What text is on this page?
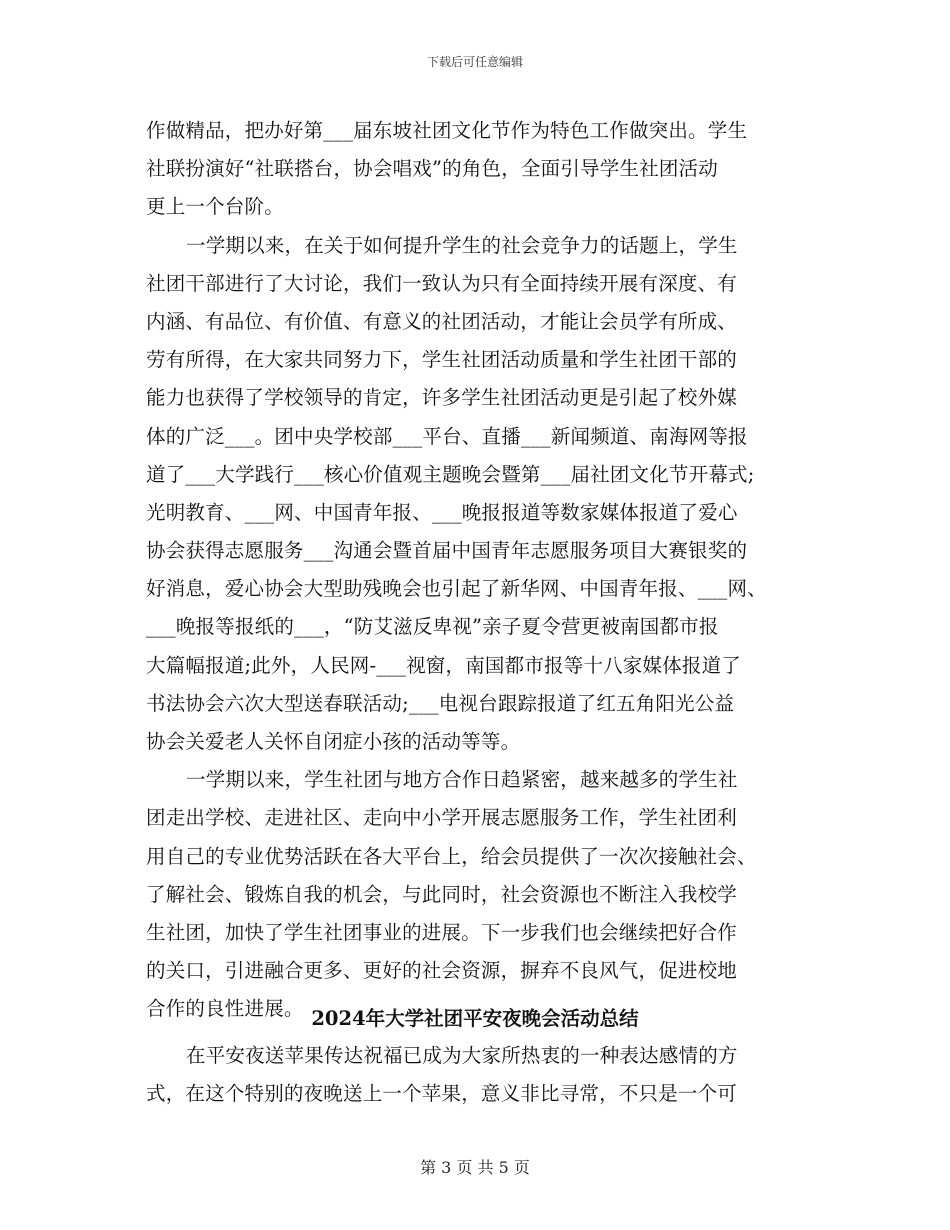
下载后可任意编辑
作做精品，把办好第___届东坡社团文化节作为特色工作做突出。学生
社联扮演好“社联搭台，协会唱戏”的角色，全面引导学生社团活动
更上一个台阶。
一学期以来，在关于如何提升学生的社会竞争力的话题上，学生
社团干部进行了大讨论，我们一致认为只有全面持续开展有深度、有
内涵、有品位、有价值、有意义的社团活动，才能让会员学有所成、
劳有所得，在大家共同努力下，学生社团活动质量和学生社团干部的
能力也获得了学校领导的肯定，许多学生社团活动更是引起了校外媒
体的广泛___。团中央学校部___平台、直播___新闻频道、南海网等报
道了___大学践行___核心价值观主题晚会暨第___届社团文化节开幕式;
光明教育、___网、中国青年报、___晚报报道等数家媒体报道了爱心
协会获得志愿服务___沟通会暨首届中国青年志愿服务项目大赛银奖的
好消息，爱心协会大型助残晚会也引起了新华网、中国青年报、___网、
___晚报等报纸的___，“防艾滋反卑视”亲子夏令营更被南国都市报
大篇幅报道;此外，人民网-___视窗，南国都市报等十八家媒体报道了
书法协会六次大型送春联活动;___电视台跟踪报道了红五角阳光公益
协会关爱老人关怀自闭症小孩的活动等等。
一学期以来，学生社团与地方合作日趋紧密，越来越多的学生社
团走出学校、走进社区、走向中小学开展志愿服务工作，学生社团利
用自己的专业优势活跃在各大平台上，给会员提供了一次次接触社会、
了解社会、锻炼自我的机会，与此同时，社会资源也不断注入我校学
生社团，加快了学生社团事业的进展。下一步我们也会继续把好合作
的关口，引进融合更多、更好的社会资源，摒弃不良风气，促进校地
合作的良性进展。 2024年大学社团平安夜晚会活动总结
在平安夜送苹果传达祝福已成为大家所热衷的一种表达感情的方
式，在这个特别的夜晚送上一个苹果，意义非比寻常，不只是一个可
第 3 页 共 5 页
